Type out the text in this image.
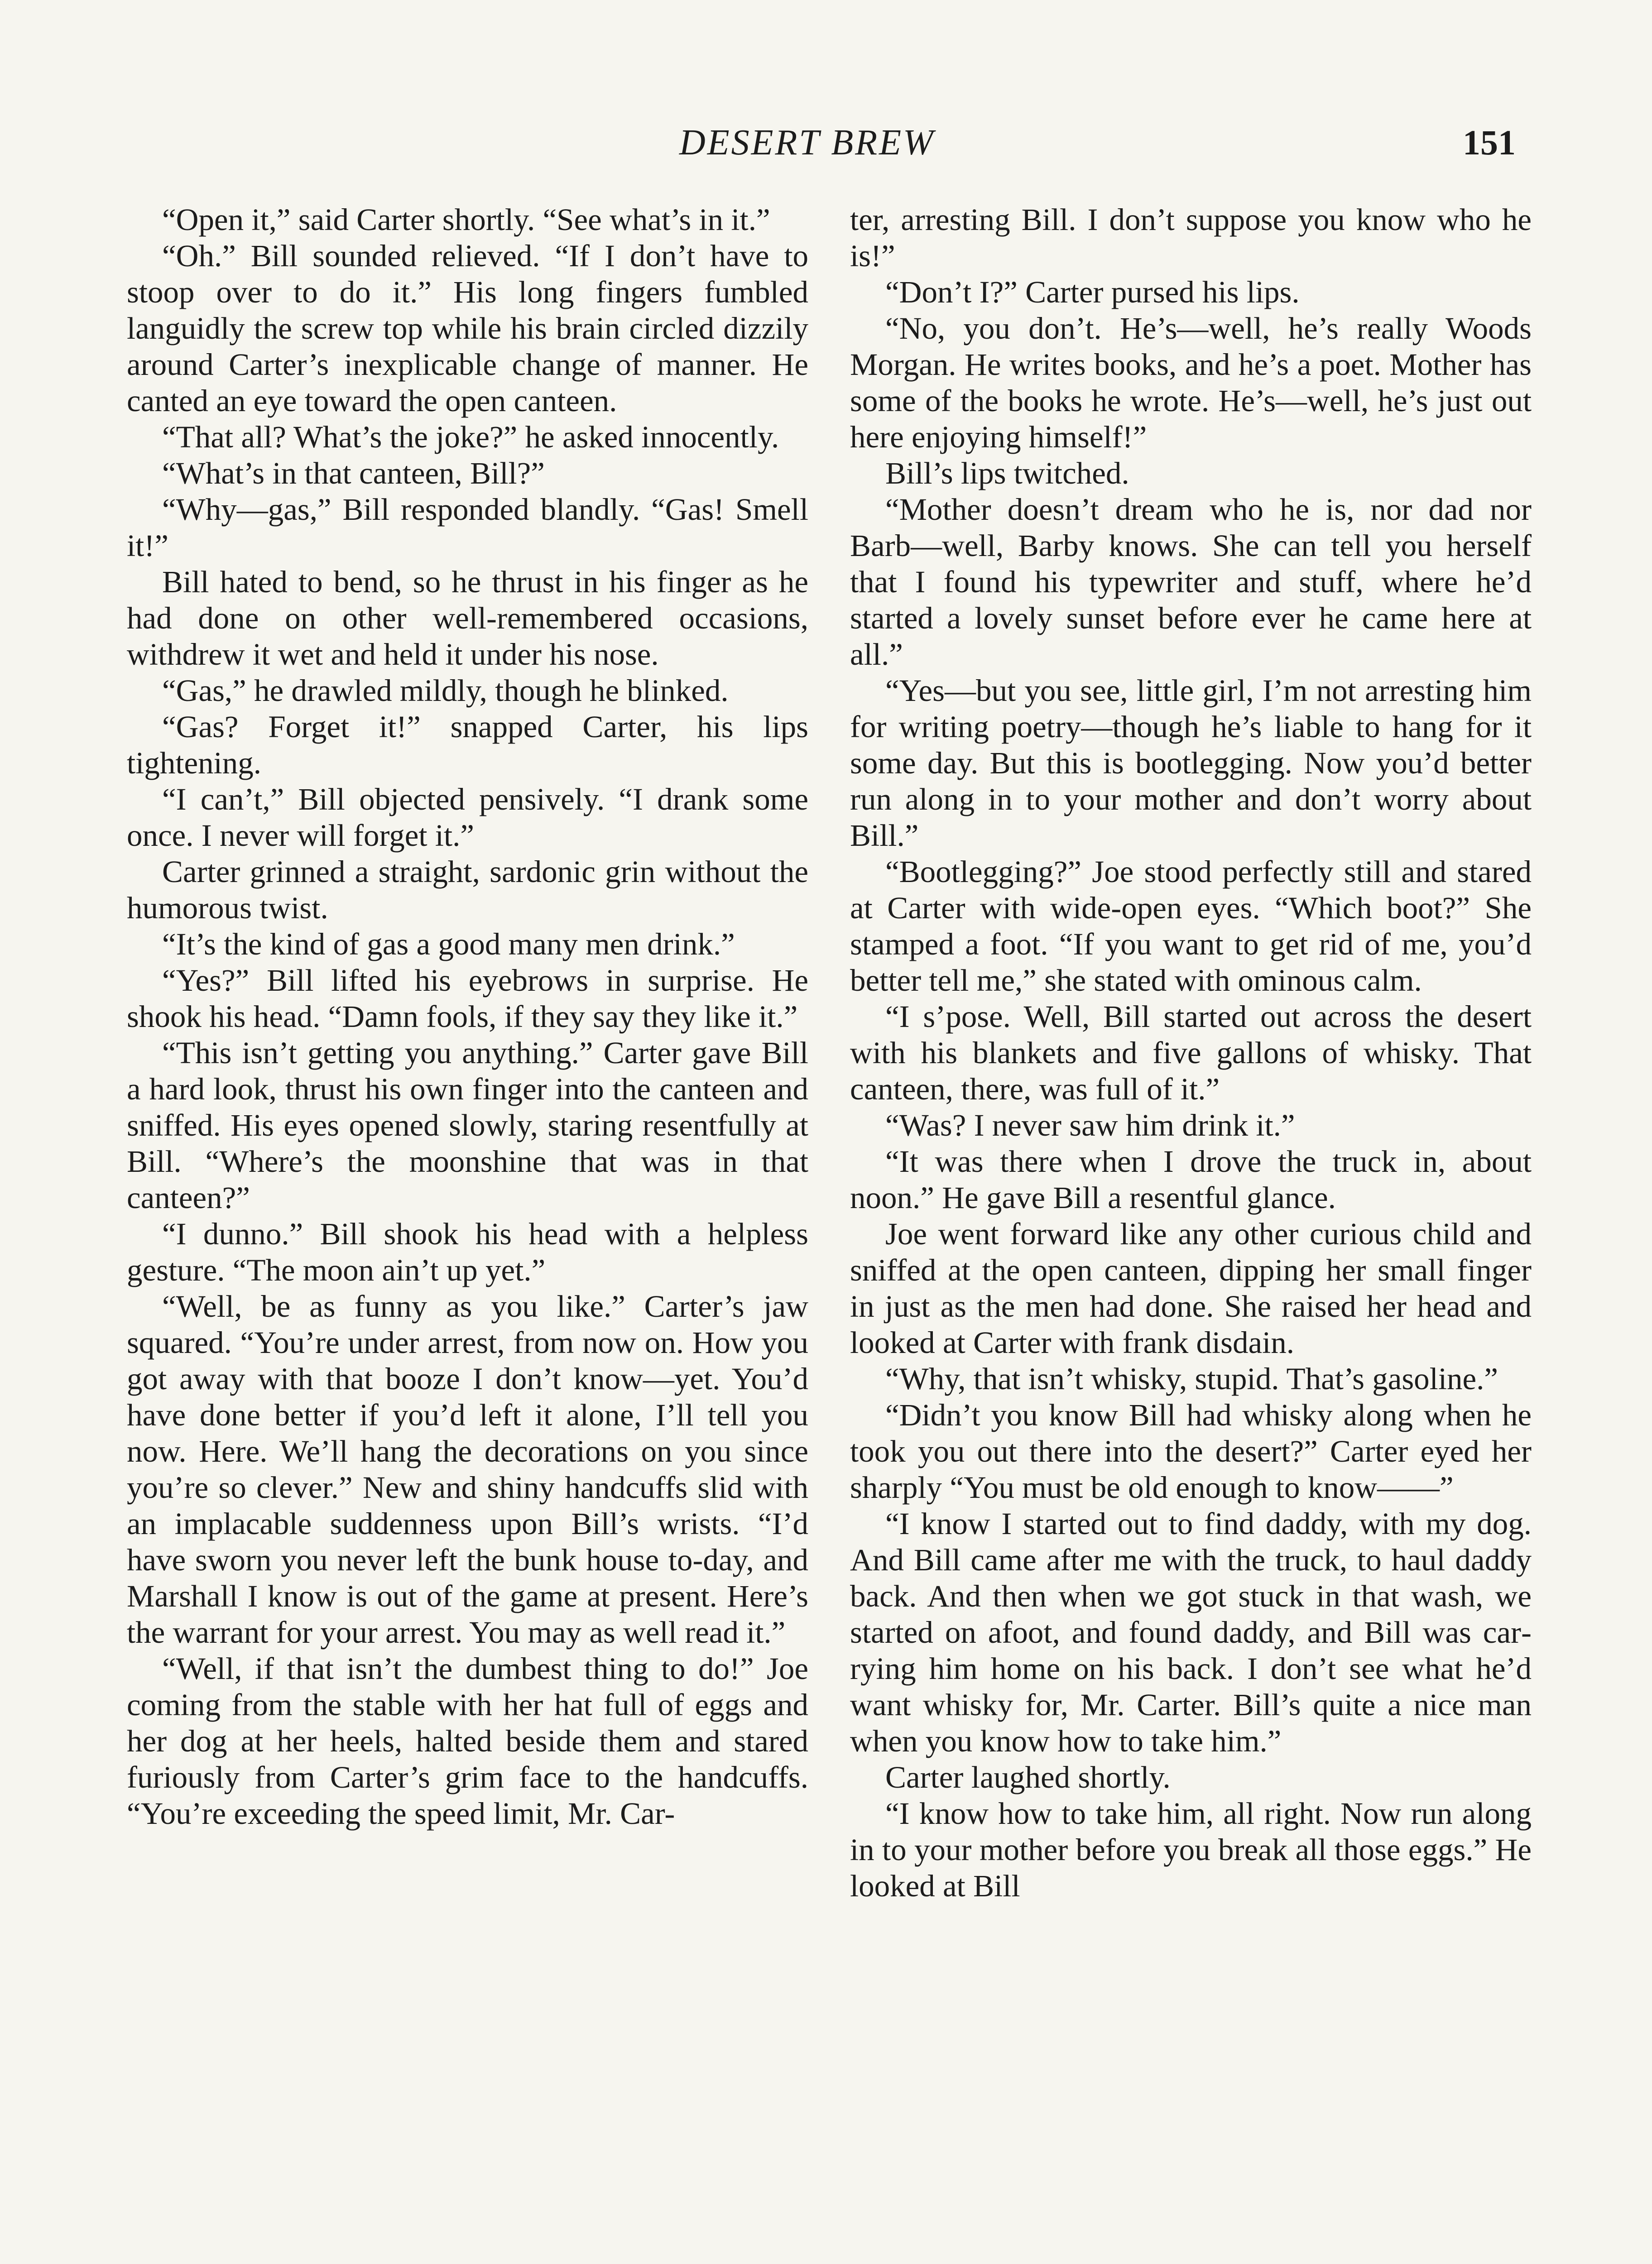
DESERT BREW	151

“Open it,” said Carter shortly. “See what’s in it.”

“Oh.” Bill sounded relieved. “If I don’t have to stoop over to do it.” His long fingers fumbled languidly the screw top while his brain circled dizzily around Carter’s inexplicable change of manner. He canted an eye toward the open canteen.

“That all? What’s the joke?” he asked innocently.

“What’s in that canteen, Bill?”

“Why—gas,” Bill responded blandly. “Gas! Smell it!”

Bill hated to bend, so he thrust in his finger as he had done on other well-remembered occasions, withdrew it wet and held it under his nose.

“Gas,” he drawled mildly, though he blinked.

“Gas? Forget it!” snapped Carter, his lips tightening.

“I can’t,” Bill objected pensively. “I drank some once. I never will forget it.”

Carter grinned a straight, sardonic grin without the humorous twist.

“It’s the kind of gas a good many men drink.”

“Yes?” Bill lifted his eyebrows in surprise. He shook his head. “Damn fools, if they say they like it.”

“This isn’t getting you anything.” Carter gave Bill a hard look, thrust his own finger into the canteen and sniffed. His eyes opened slowly, staring resentfully at Bill. “Where’s the moonshine that was in that canteen?”

“I dunno.” Bill shook his head with a helpless gesture. “The moon ain’t up yet.”

“Well, be as funny as you like.” Carter’s jaw squared. “You’re under arrest, from now on. How you got away with that booze I don’t know—yet. You’d have done better if you’d left it alone, I’ll tell you now. Here. We’ll hang the decorations on you since you’re so clever.” New and shiny handcuffs slid with an implacable suddenness upon Bill’s wrists. “I’d have sworn you never left the bunk house to-day, and Marshall I know is out of the game at present. Here’s the warrant for your arrest. You may as well read it.”

“Well, if that isn’t the dumbest thing to do!” Joe coming from the stable with her hat full of eggs and her dog at her heels, halted beside them and stared furiously from Carter’s grim face to the handcuffs. “You’re exceeding the speed limit, Mr. Car-

ter, arresting Bill. I don’t suppose you know who he is!”

“Don’t I?” Carter pursed his lips.

“No, you don’t. He’s—well, he’s really Woods Morgan. He writes books, and he’s a poet. Mother has some of the books he wrote. He’s—well, he’s just out here enjoying himself!”

Bill’s lips twitched.

“Mother doesn’t dream who he is, nor dad nor Barb—well, Barby knows. She can tell you herself that I found his typewriter and stuff, where he’d started a lovely sunset before ever he came here at all.”

“Yes—but you see, little girl, I’m not arresting him for writing poetry—though he’s liable to hang for it some day. But this is bootlegging. Now you’d better run along in to your mother and don’t worry about Bill.”

“Bootlegging?” Joe stood perfectly still and stared at Carter with wide-open eyes. “Which boot?” She stamped a foot. “If you want to get rid of me, you’d better tell me,” she stated with ominous calm.

“I s’pose. Well, Bill started out across the desert with his blankets and five gallons of whisky. That canteen, there, was full of it.”

“Was? I never saw him drink it.”

“It was there when I drove the truck in, about noon.” He gave Bill a resentful glance.

Joe went forward like any other curious child and sniffed at the open canteen, dipping her small finger in just as the men had done. She raised her head and looked at Carter with frank disdain.

“Why, that isn’t whisky, stupid. That’s gasoline.”

“Didn’t you know Bill had whisky along when he took you out there into the desert?” Carter eyed her sharply “You must be old enough to know——”

“I know I started out to find daddy, with my dog. And Bill came after me with the truck, to haul daddy back. And then when we got stuck in that wash, we started on afoot, and found daddy, and Bill was carrying him home on his back. I don’t see what he’d want whisky for, Mr. Carter. Bill’s quite a nice man when you know how to take him.”

Carter laughed shortly.

“I know how to take him, all right. Now run along in to your mother before you break all those eggs.” He looked at Bill
